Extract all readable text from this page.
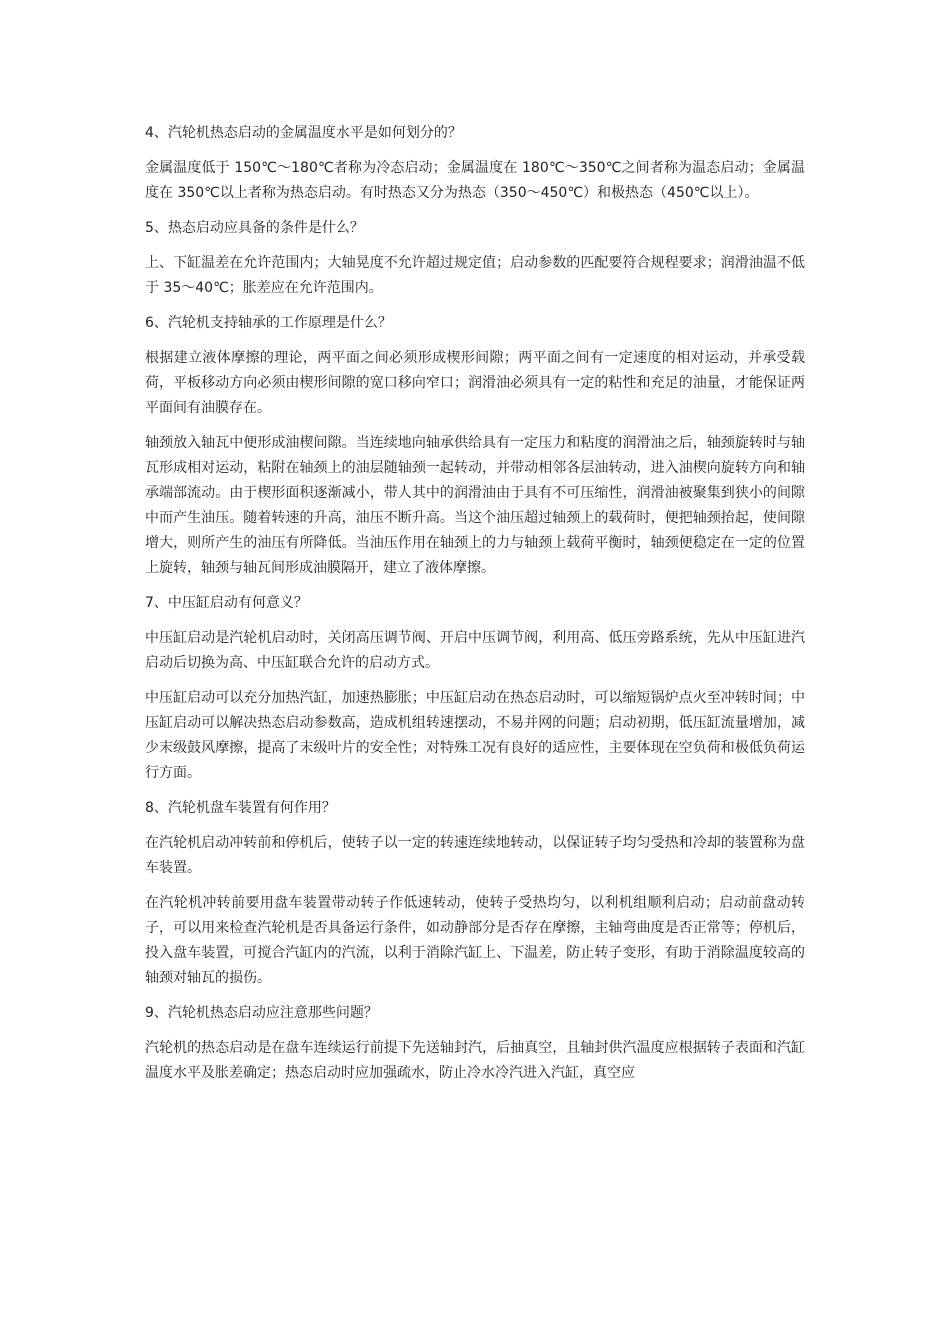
4、汽轮机热态启动的金属温度水平是如何划分的？

金属温度低于 150℃～180℃者称为冷态启动；金属温度在 180℃～350℃之间者称为温态启动；金属温度在 350℃以上者称为热态启动。有时热态又分为热态（350～450℃）和极热态（450℃以上）。

5、热态启动应具备的条件是什么？

上、下缸温差在允许范围内；大轴晃度不允许超过规定值；启动参数的匹配要符合规程要求；润滑油温不低于 35～40℃；胀差应在允许范围内。

6、汽轮机支持轴承的工作原理是什么？

根据建立液体摩擦的理论，两平面之间必须形成楔形间隙；两平面之间有一定速度的相对运动，并承受载荷，平板移动方向必须由楔形间隙的宽口移向窄口；润滑油必须具有一定的粘性和充足的油量，才能保证两平面间有油膜存在。

轴颈放入轴瓦中便形成油楔间隙。当连续地向轴承供给具有一定压力和粘度的润滑油之后，轴颈旋转时与轴瓦形成相对运动，粘附在轴颈上的油层随轴颈一起转动，并带动相邻各层油转动，进入油楔向旋转方向和轴承端部流动。由于楔形面积逐渐减小，带人其中的润滑油由于具有不可压缩性，润滑油被聚集到狭小的间隙中而产生油压。随着转速的升高，油压不断升高。当这个油压超过轴颈上的载荷时，便把轴颈抬起，使间隙增大，则所产生的油压有所降低。当油压作用在轴颈上的力与轴颈上载荷平衡时，轴颈便稳定在一定的位置上旋转，轴颈与轴瓦间形成油膜隔开，建立了液体摩擦。

7、中压缸启动有何意义？

中压缸启动是汽轮机启动时，关闭高压调节阀、开启中压调节阀，利用高、低压旁路系统，先从中压缸进汽启动后切换为高、中压缸联合允许的启动方式。

中压缸启动可以充分加热汽缸，加速热膨胀；中压缸启动在热态启动时，可以缩短锅炉点火至冲转时间；中压缸启动可以解决热态启动参数高，造成机组转速摆动，不易并网的问题；启动初期，低压缸流量增加，减少末级鼓风摩擦，提高了末级叶片的安全性；对特殊工况有良好的适应性，主要体现在空负荷和极低负荷运行方面。

8、汽轮机盘车装置有何作用？

在汽轮机启动冲转前和停机后，使转子以一定的转速连续地转动，以保证转子均匀受热和冷却的装置称为盘车装置。

在汽轮机冲转前要用盘车装置带动转子作低速转动，使转子受热均匀，以利机组顺利启动；启动前盘动转子，可以用来检查汽轮机是否具备运行条件，如动静部分是否存在摩擦，主轴弯曲度是否正常等；停机后，投入盘车装置，可搅合汽缸内的汽流，以利于消除汽缸上、下温差，防止转子变形，有助于消除温度较高的轴颈对轴瓦的损伤。

9、汽轮机热态启动应注意那些问题？

汽轮机的热态启动是在盘车连续运行前提下先送轴封汽，后抽真空，且轴封供汽温度应根据转子表面和汽缸温度水平及胀差确定；热态启动时应加强疏水，防止冷水冷汽进入汽缸，真空应
